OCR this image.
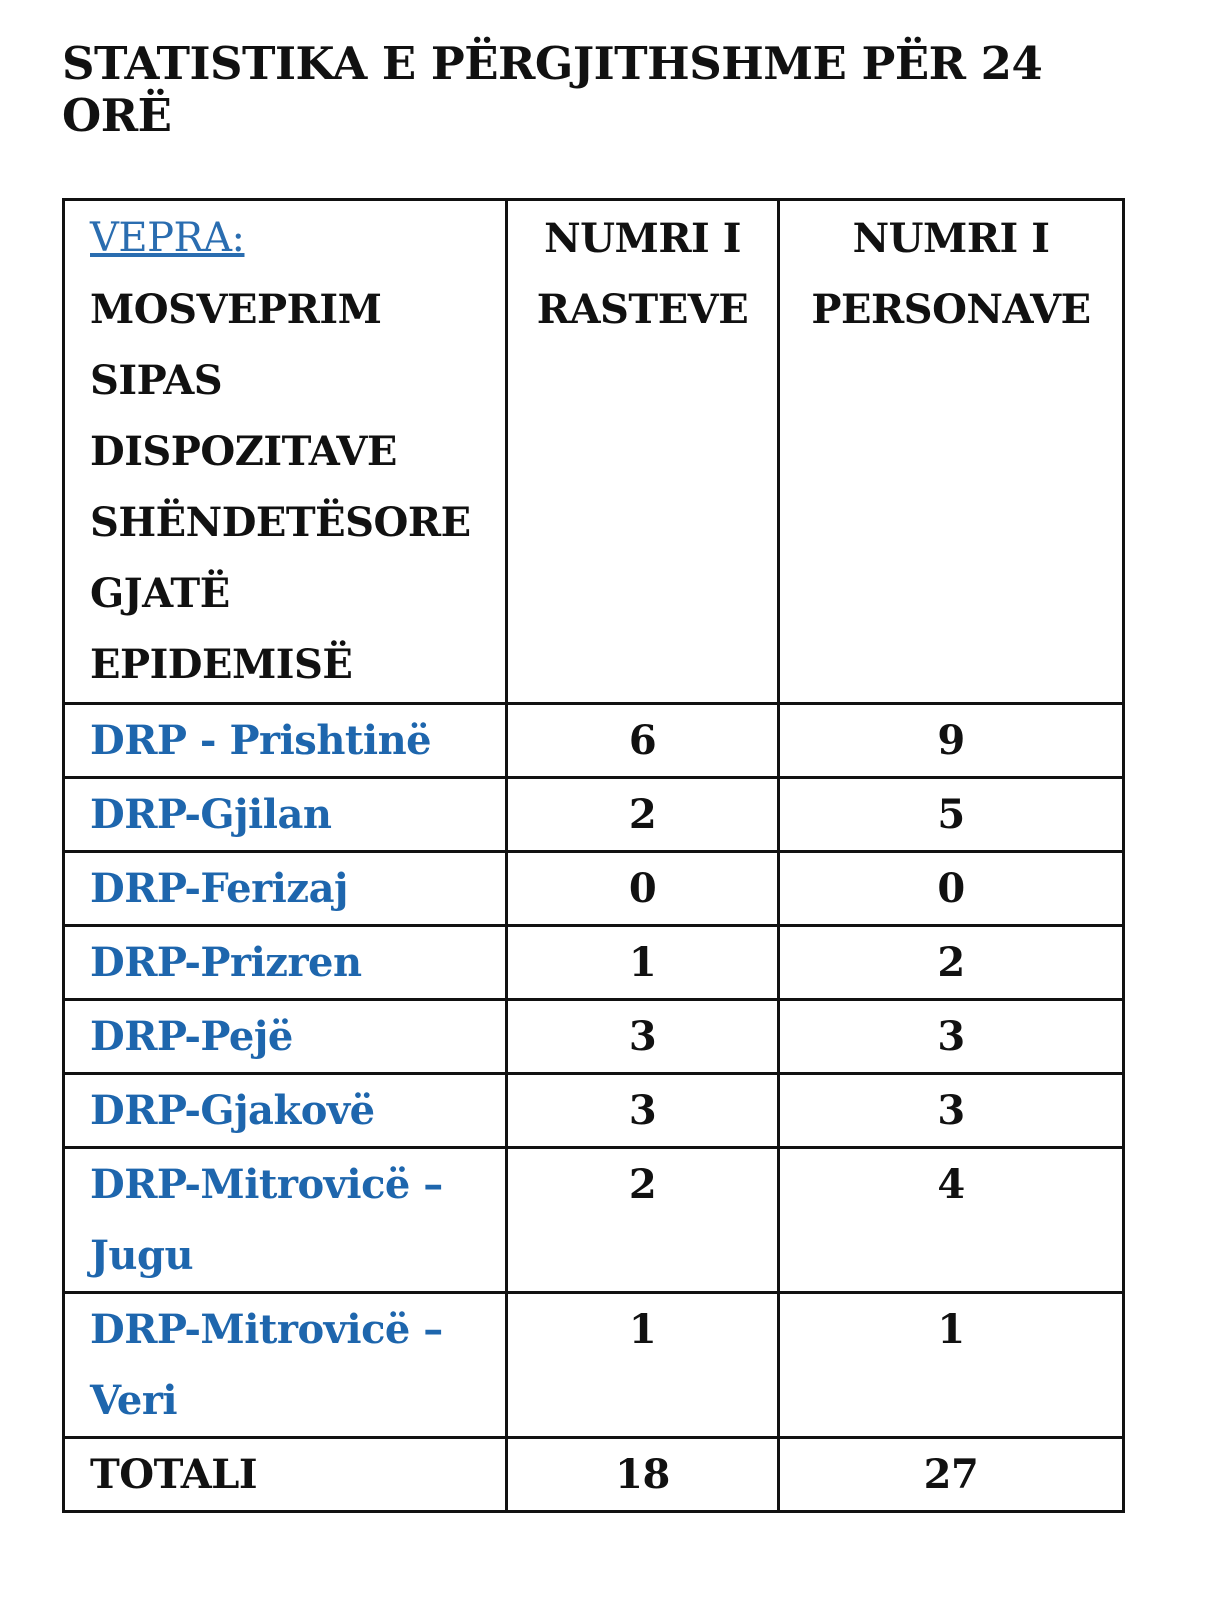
STATISTIKA E PËRGJITHSHME PËR 24 ORË
VEPRA:
MOSVEPRIM SIPAS DISPOZITAVE SHËNDETËSORE GJATË EPIDEMISË	NUMRI I RASTEVE	NUMRI I PERSONAVE
DRP - Prishtinë	6	9
DRP-Gjilan	2	5
DRP-Ferizaj	0	0
DRP-Prizren	1	2
DRP-Pejë	3	3
DRP-Gjakovë	3	3
DRP-Mitrovicë – Jugu	2	4
DRP-Mitrovicë – Veri	1	1
TOTALI	18	27
